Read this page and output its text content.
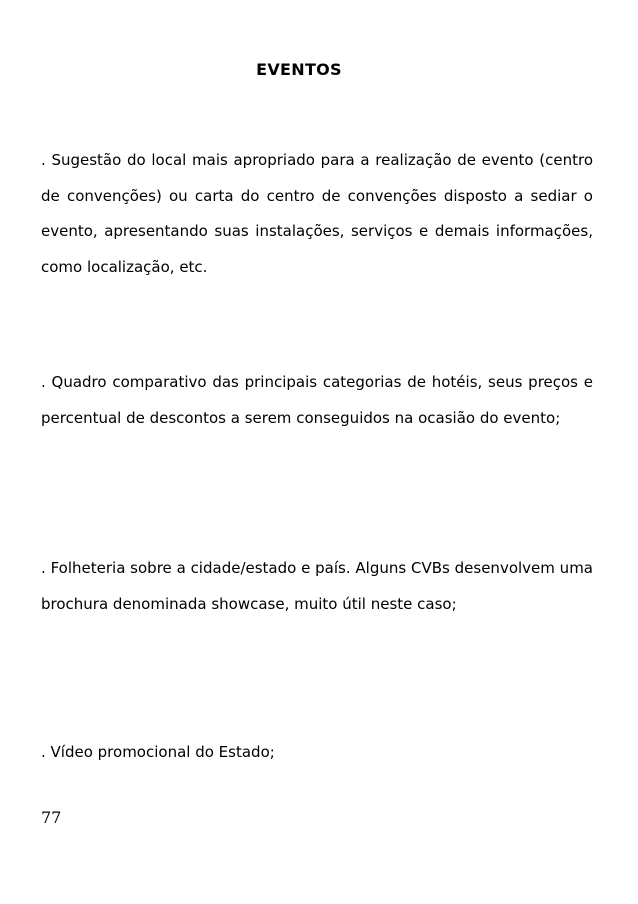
EVENTOS
. Sugestão do local mais apropriado para a realização de evento (centro de convenções) ou carta do centro de convenções disposto a sediar o evento, apresentando suas instalações, serviços e demais informações, como localização, etc.
. Quadro comparativo das principais categorias de hotéis, seus preços e percentual de descontos a serem conseguidos na ocasião do evento;
. Folheteria sobre a cidade/estado e país. Alguns CVBs desenvolvem uma brochura denominada showcase, muito útil neste caso;
. Vídeo promocional do Estado;
77
